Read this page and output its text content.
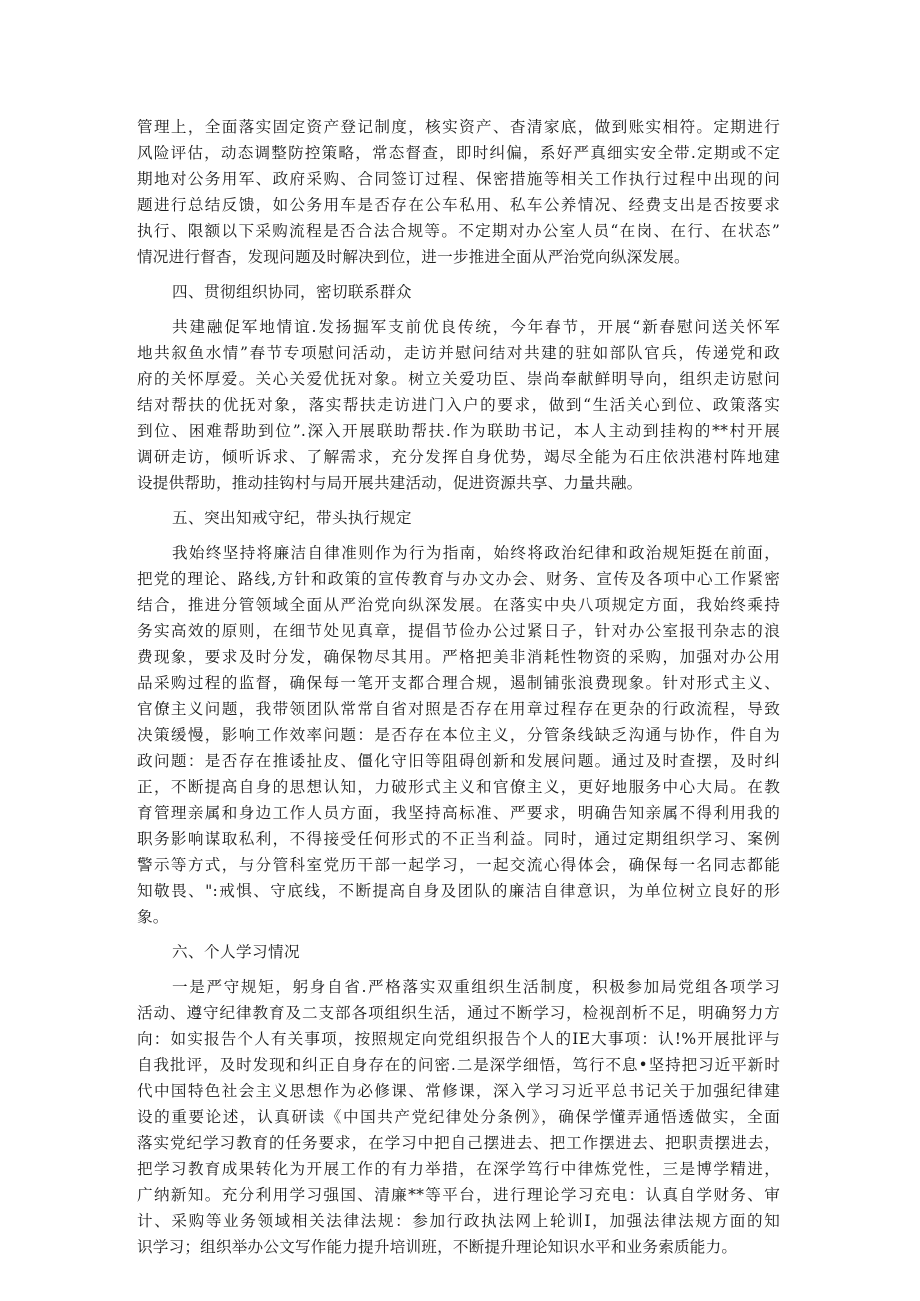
管理上，全面落实固定资产登记制度，核实资产、杳清家底，做到账实相符。定期进行
风险评估，动态调整防控策略，常态督查，即时纠偏，系好严真细实安全带.定期或不定
期地对公务用军、政府采购、合同签订过程、保密措施等相关工作执行过程中出现的问
题进行总结反馈，如公务用车是否存在公车私用、私车公养情况、经费支出是否按要求
执行、限额以下采购流程是否合法合规等。不定期对办公室人员“在岗、在行、在状态”
情况进行督杳，发现问题及时解决到位，进一步推进全面从严治党向纵深发展。
四、贯彻组织协同，密切联系群众
共建融促军地情谊.发扬掘军支前优良传统，今年春节，开展“新春慰问送关怀军
地共叙鱼水情”春节专项慰问活动，走访并慰问结对共建的驻如部队官兵，传递党和政
府的关怀厚爱。关心关爱优抚对象。树立关爱功臣、崇尚奉献鲜明导向，组织走访慰问
结对帮扶的优抚对象，落实帮扶走访进门入户的要求，做到“生活关心到位、政策落实
到位、困难帮助到位”.深入开展联助帮扶.作为联助书记，本人主动到挂构的**村开展
调研走访，倾听诉求、了解需求，充分发挥自身优势，竭尽全能为石庄依洪港村阵地建
设提供帮助，推动挂钩村与局开展共建活动，促进资源共享、力量共融。
五、突出知戒守纪，带头执行规定
我始终坚持将廉洁自律准则作为行为指南，始终将政治纪律和政治规矩挺在前面，
把党的理论、路线,方针和政策的宣传教育与办文办会、财务、宣传及各项中心工作紧密
结合，推进分管领域全面从严治党向纵深发展。在落实中央八项规定方面，我始终乘持
务实高效的原则，在细节处见真章，提倡节俭办公过紧日子，针对办公室报刊杂志的浪
费现象，要求及时分发，确保物尽其用。严格把美非消耗性物资的采购，加强对办公用
品采购过程的监督，确保每一笔开支都合理合规，遏制铺张浪费现象。针对形式主义、
官僚主义问题，我带领团队常常自省对照是否存在用章过程存在更杂的行政流程，导致
决策缓慢，影响工作效率问题：是否存在本位主义，分管条线缺乏沟通与协作，件自为
政问题：是否存在推诿扯皮、僵化守旧等阻碍创新和发展问题。通过及时查摆，及时纠
正，不断提高自身的思想认知，力破形式主义和官僚主义，更好地服务中心大局。在教
育管理亲属和身边工作人员方面，我坚持高标准、严要求，明确告知亲属不得利用我的
职务影响谋取私利，不得接受任何形式的不正当利益。同时，通过定期组织学习、案例
警示等方式，与分管科室党历干部一起学习，一起交流心得体会，确保每一名同志都能
知敬畏、":戒惧、守底线，不断提高自身及团队的廉洁自律意识，为单位树立良好的形
象。
六、个人学习情况
一是严守规矩，躬身自省.严格落实双重组织生活制度，积极参加局党组各项学习
活动、遵守纪律教育及二支部各项组织生活，通过不断学习，检视剖析不足，明确努力方
向：如实报告个人有关事项，按照规定向党组织报告个人的IE大事项：认!%开展批评与
自我批评，及时发现和纠正自身存在的问密.二是深学细悟，笃行不息•坚持把习近平新时
代中国特色社会主义思想作为必修课、常修课，深入学习习近平总书记关于加强纪律建
设的重要论述，认真研读《中国共产党纪律处分条例》，确保学懂弄通悟透做实，全面
落实党纪学习教育的任务要求，在学习中把自己摆进去、把工作摆进去、把职责摆进去，
把学习教育成果转化为开展工作的有力举措，在深学笃行中律炼党性，三是博学精进，
广纳新知。充分利用学习强国、清廉**等平台，进行理论学习充电：认真自学财务、审
计、采购等业务领域相关法律法规：参加行政执法网上轮训I，加强法律法规方面的知
识学习；组织举办公文写作能力提升培训班，不断提升理论知识水平和业务索质能力。
